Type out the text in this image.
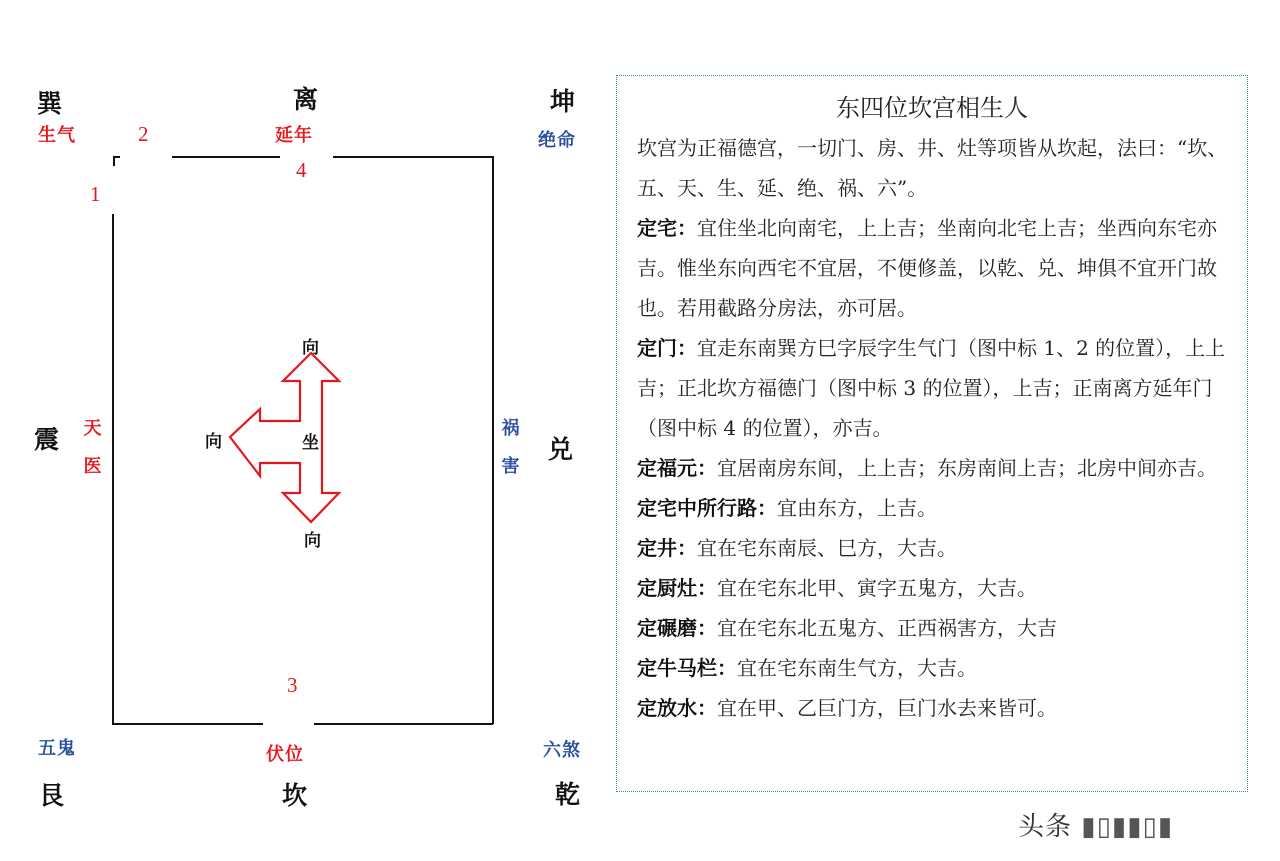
巽	离	坤
震	兑
艮	坎	乾
生气	延年	绝命
天
医
祸
害
五鬼	伏位	六煞
1
2
3
4
向
向	坐
向
东四位坎宫相生人

坎宫为正福德宫，一切门、房、井、灶等项皆从坎起，法曰：“坎、五、天、生、延、绝、祸、六”。

定宅：宜住坐北向南宅，上上吉；坐南向北宅上吉；坐西向东宅亦吉。惟坐东向西宅不宜居，不便修盖，以乾、兑、坤俱不宜开门故也。若用截路分房法，亦可居。

定门：宜走东南巽方巳字辰字生气门（图中标 1、2 的位置），上上吉；正北坎方福德门（图中标 3 的位置），上吉；正南离方延年门（图中标 4 的位置），亦吉。

定福元：宜居南房东间，上上吉；东房南间上吉；北房中间亦吉。

定宅中所行路：宜由东方，上吉。

定井：宜在宅东南辰、巳方，大吉。

定厨灶：宜在宅东北甲、寅字五鬼方，大吉。

定碾磨：宜在宅东北五鬼方、正西祸害方，大吉

定牛马栏：宜在宅东南生气方，大吉。

定放水：宜在甲、乙巨门方，巨门水去来皆可。

头条 ▮▯▮▮▯▮
